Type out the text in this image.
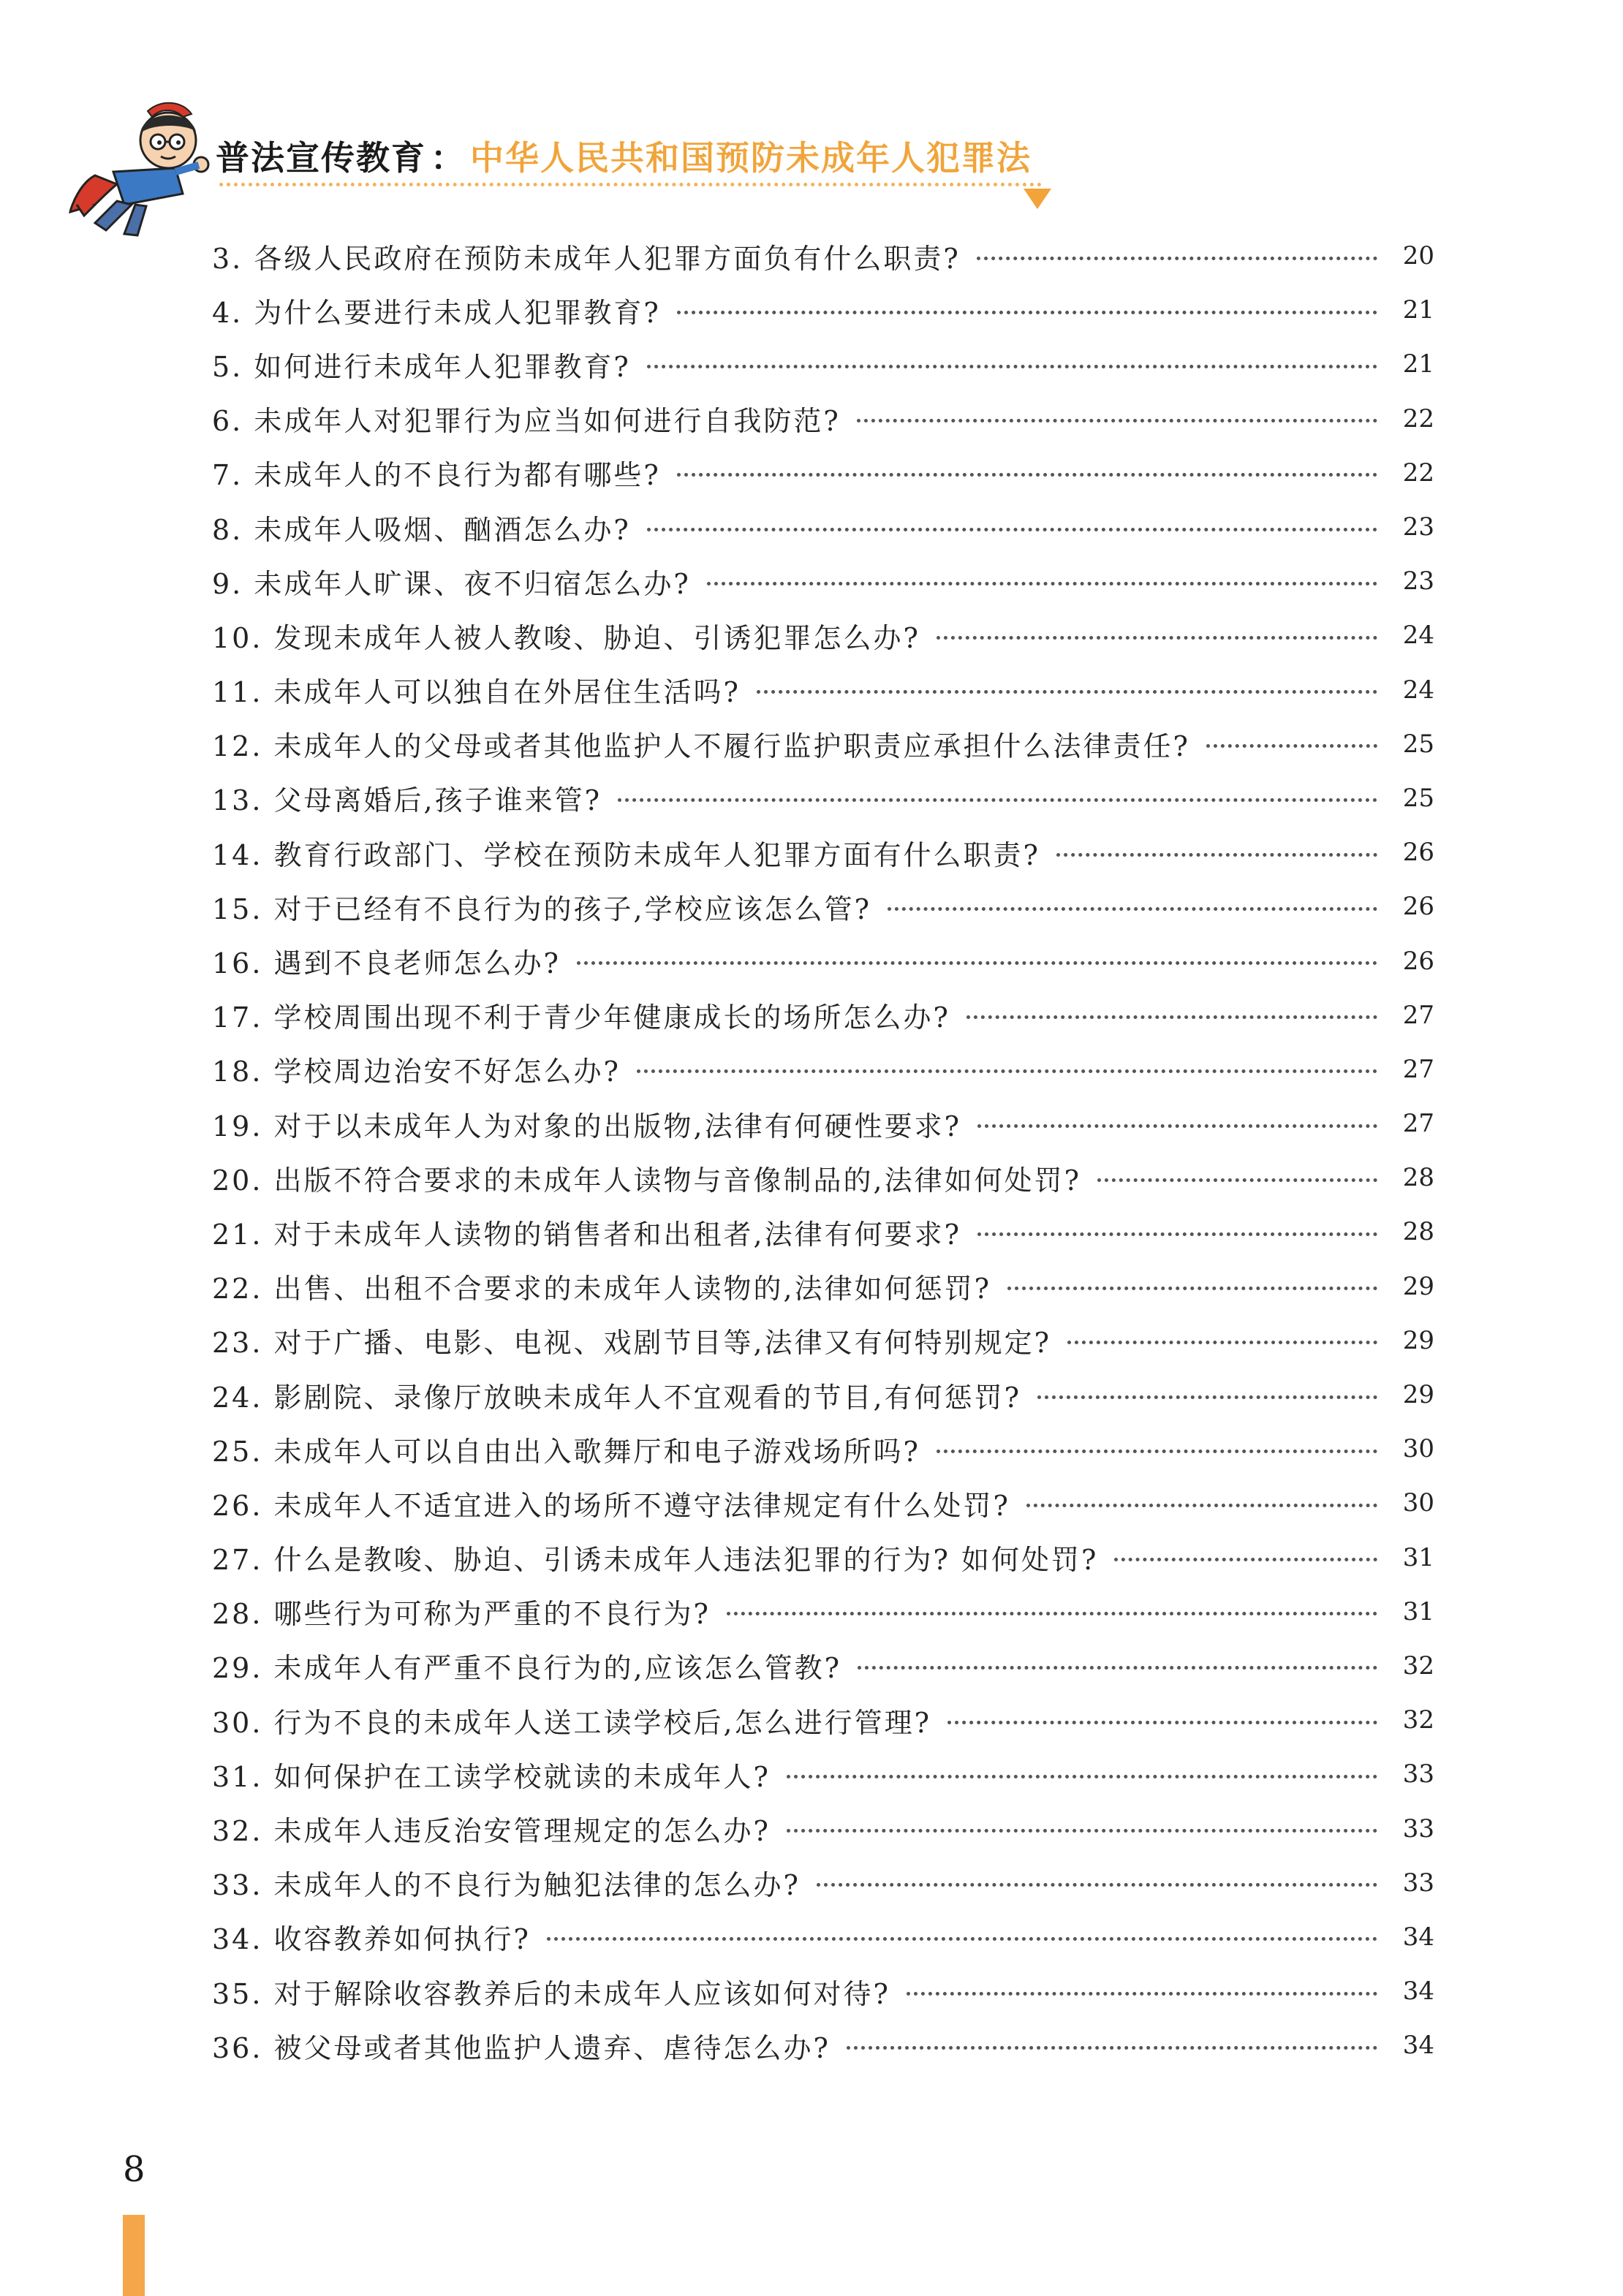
普法宣传教育 ： 中华人民共和国预防未成年人犯罪法
3. 各级人民政府在预防未成年人犯罪方面负有什么职责?	20
4. 为什么要进行未成人犯罪教育?	21
5. 如何进行未成年人犯罪教育?	21
6. 未成年人对犯罪行为应当如何进行自我防范?	22
7. 未成年人的不良行为都有哪些?	22
8. 未成年人吸烟、酗酒怎么办?	23
9. 未成年人旷课、夜不归宿怎么办?	23
10. 发现未成年人被人教唆、胁迫、引诱犯罪怎么办?	24
11. 未成年人可以独自在外居住生活吗?	24
12. 未成年人的父母或者其他监护人不履行监护职责应承担什么法律责任?	25
13. 父母离婚后,孩子谁来管?	25
14. 教育行政部门、学校在预防未成年人犯罪方面有什么职责?	26
15. 对于已经有不良行为的孩子,学校应该怎么管?	26
16. 遇到不良老师怎么办?	26
17. 学校周围出现不利于青少年健康成长的场所怎么办?	27
18. 学校周边治安不好怎么办?	27
19. 对于以未成年人为对象的出版物,法律有何硬性要求?	27
20. 出版不符合要求的未成年人读物与音像制品的,法律如何处罚?	28
21. 对于未成年人读物的销售者和出租者,法律有何要求?	28
22. 出售、出租不合要求的未成年人读物的,法律如何惩罚?	29
23. 对于广播、电影、电视、戏剧节目等,法律又有何特别规定?	29
24. 影剧院、录像厅放映未成年人不宜观看的节目,有何惩罚?	29
25. 未成年人可以自由出入歌舞厅和电子游戏场所吗?	30
26. 未成年人不适宜进入的场所不遵守法律规定有什么处罚?	30
27. 什么是教唆、胁迫、引诱未成年人违法犯罪的行为? 如何处罚?	31
28. 哪些行为可称为严重的不良行为?	31
29. 未成年人有严重不良行为的,应该怎么管教?	32
30. 行为不良的未成年人送工读学校后,怎么进行管理?	32
31. 如何保护在工读学校就读的未成年人?	33
32. 未成年人违反治安管理规定的怎么办?	33
33. 未成年人的不良行为触犯法律的怎么办?	33
34. 收容教养如何执行?	34
35. 对于解除收容教养后的未成年人应该如何对待?	34
36. 被父母或者其他监护人遗弃、虐待怎么办?	34
8
